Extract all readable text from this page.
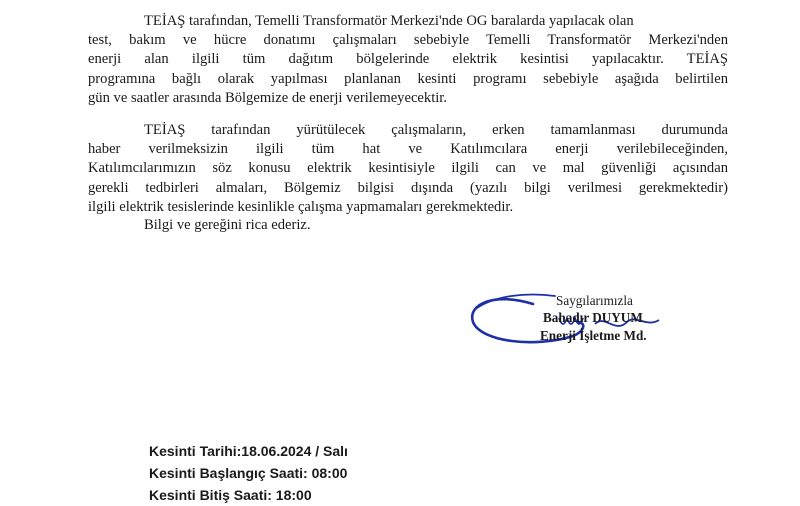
TEİAŞ tarafından, Temelli Transformatör Merkezi'nde OG baralarda yapılacak olan
test, bakım ve hücre donatımı çalışmaları sebebiyle Temelli Transformatör Merkezi'nden
enerji alan ilgili tüm dağıtım bölgelerinde elektrik kesintisi yapılacaktır. TEİAŞ
programına bağlı olarak yapılması planlanan kesinti programı sebebiyle aşağıda belirtilen
gün ve saatler arasında Bölgemize de enerji verilemeyecektir.
TEİAŞ tarafından yürütülecek çalışmaların, erken tamamlanması durumunda
haber verilmeksizin ilgili tüm hat ve Katılımcılara enerji verilebileceğinden,
Katılımcılarımızın söz konusu elektrik kesintisiyle ilgili can ve mal güvenliği açısından
gerekli tedbirleri almaları, Bölgemiz bilgisi dışında (yazılı bilgi verilmesi gerekmektedir)
ilgili elektrik tesislerinde kesinlikle çalışma yapmamaları gerekmektedir.
Bilgi ve gereğini rica ederiz.
Saygılarımızla
Bahadır DUYUM
Enerji İşletme Md.
Kesinti Tarihi:18.06.2024 / Salı
Kesinti Başlangıç Saati: 08:00
Kesinti Bitiş Saati: 18:00
